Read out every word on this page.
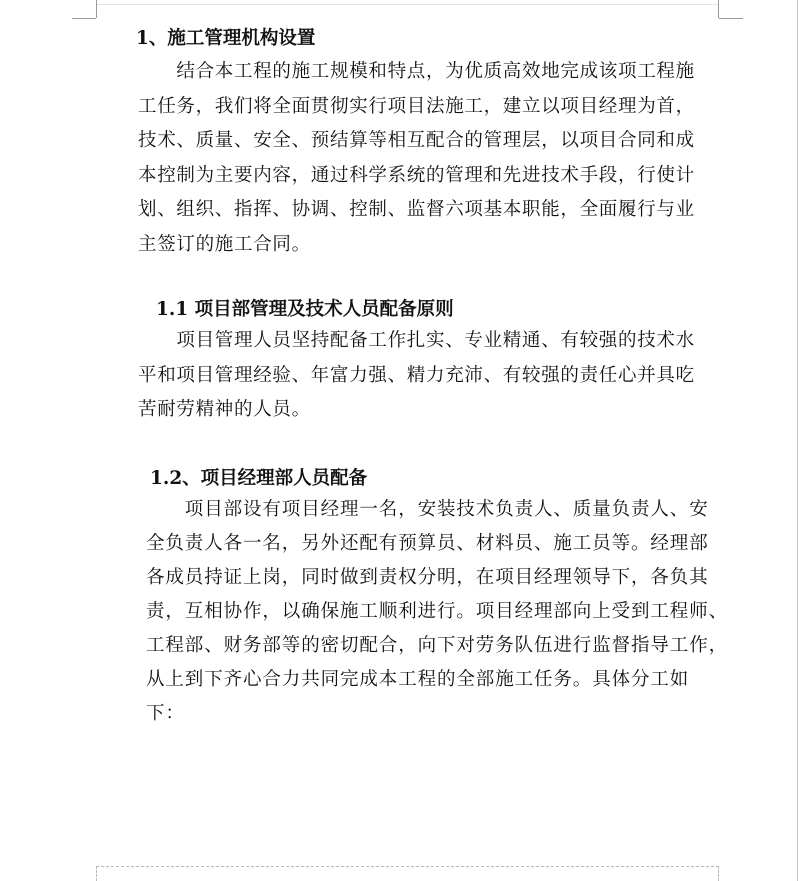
1、施工管理机构设置
　　结合本工程的施工规模和特点，为优质高效地完成该项工程施
工任务，我们将全面贯彻实行项目法施工，建立以项目经理为首，
技术、质量、安全、预结算等相互配合的管理层，以项目合同和成
本控制为主要内容，通过科学系统的管理和先进技术手段，行使计
划、组织、指挥、协调、控制、监督六项基本职能，全面履行与业
主签订的施工合同。
1.1 项目部管理及技术人员配备原则
　　项目管理人员坚持配备工作扎实、专业精通、有较强的技术水
平和项目管理经验、年富力强、精力充沛、有较强的责任心并具吃
苦耐劳精神的人员。
1.2、项目经理部人员配备
　　项目部设有项目经理一名，安装技术负责人、质量负责人、安
全负责人各一名，另外还配有预算员、材料员、施工员等。经理部
各成员持证上岗，同时做到责权分明，在项目经理领导下，各负其
责，互相协作，以确保施工顺利进行。项目经理部向上受到工程师、
工程部、财务部等的密切配合，向下对劳务队伍进行监督指导工作，
从上到下齐心合力共同完成本工程的全部施工任务。具体分工如
下：
